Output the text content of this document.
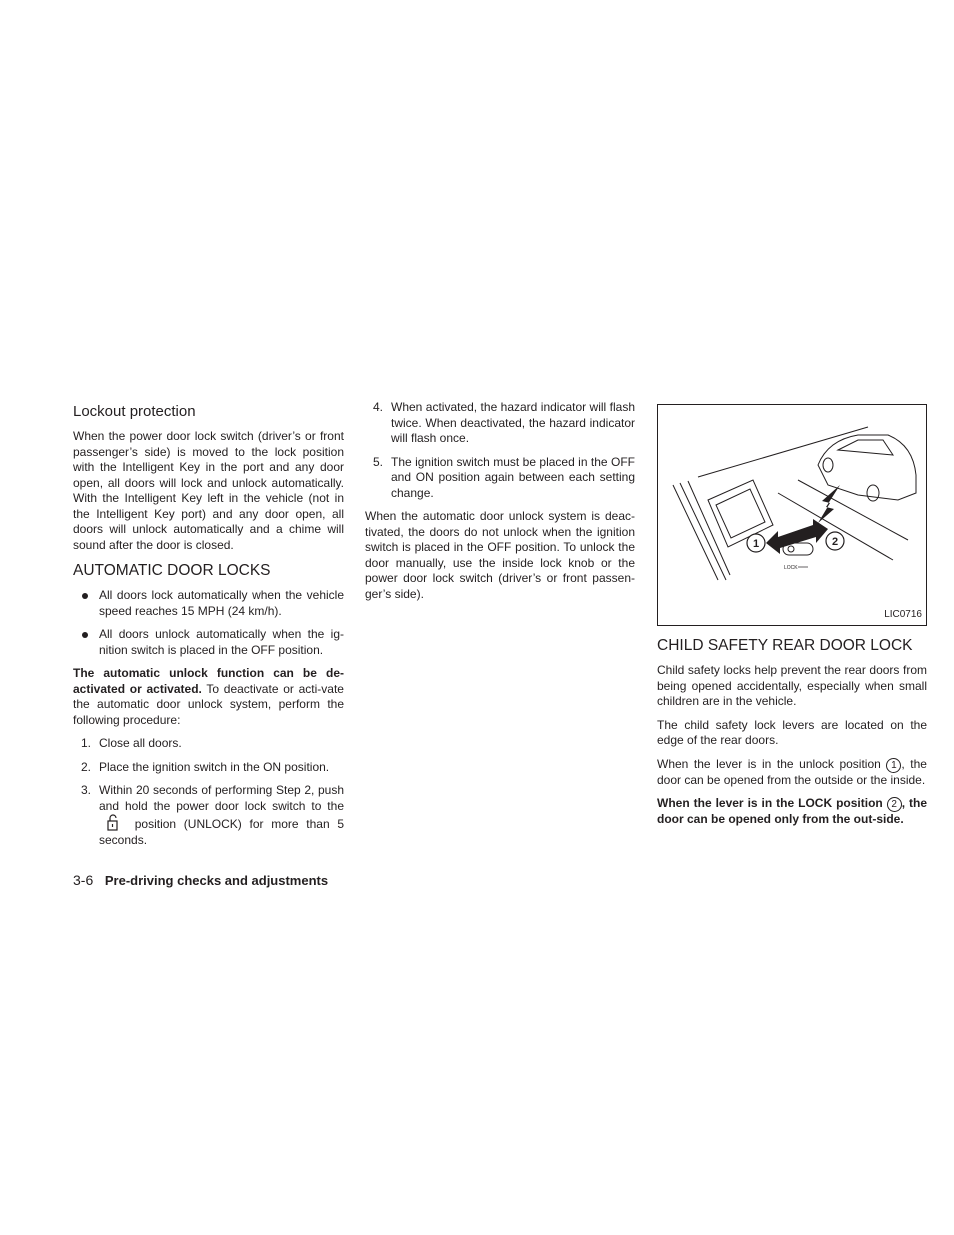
Lockout protection

When the power door lock switch (driver’s or front passenger’s side) is moved to the lock position with the Intelligent Key in the port and any door open, all doors will lock and unlock automatically. With the Intelligent Key left in the vehicle (not in the Intelligent Key port) and any door open, all doors will unlock automatically and a chime will sound after the door is closed.

AUTOMATIC DOOR LOCKS
All doors lock automatically when the vehicle speed reaches 15 MPH (24 km/h).
All doors unlock automatically when the ig-nition switch is placed in the OFF position.

The automatic unlock function can be de-activated or activated. To deactivate or acti-vate the automatic door unlock system, perform the following procedure:

1. Close all doors.
2. Place the ignition switch in the ON position.
3. Within 20 seconds of performing Step 2, push and hold the power door lock switch to the  position (UNLOCK) for more than 5 seconds.
4. When activated, the hazard indicator will flash twice. When deactivated, the hazard indicator will flash once.
5. The ignition switch must be placed in the OFF and ON position again between each setting change.

When the automatic door unlock system is deac-tivated, the doors do not unlock when the ignition switch is placed in the OFF position. To unlock the door manually, use the inside lock knob or the power door lock switch (driver’s or front passen-ger’s side).

1	2
LOCK
LIC0716
CHILD SAFETY REAR DOOR LOCK

Child safety locks help prevent the rear doors from being opened accidentally, especially when small children are in the vehicle.

The child safety lock levers are located on the edge of the rear doors.

When the lever is in the unlock position 1 , the door can be opened from the outside or the inside.

When the lever is in the LOCK position 2 , the door can be opened only from the out-side.

3-6 Pre-driving checks and adjustments
